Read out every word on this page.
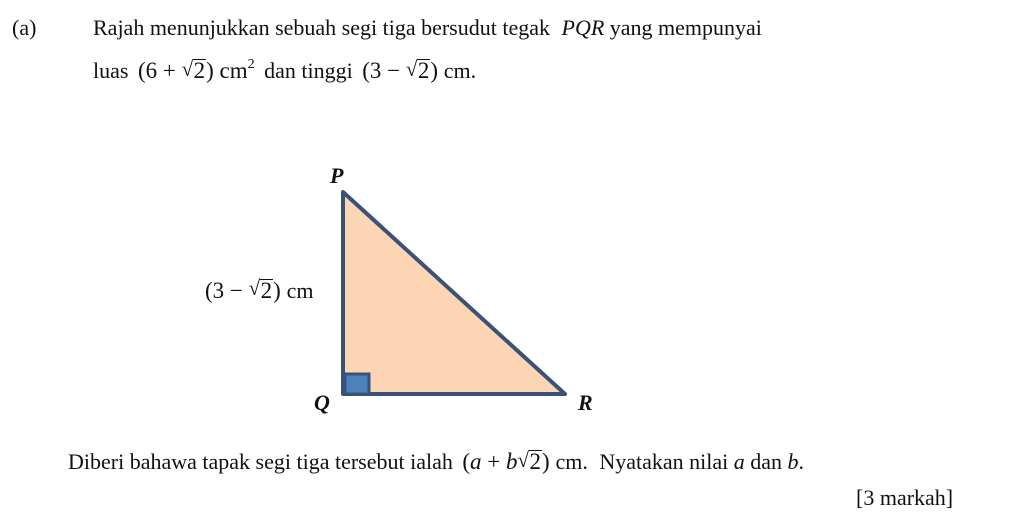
(a)	Rajah menunjukkan sebuah segi tiga bersudut tegak PQR yang mempunyai
luas (6 + √ 2) $cm^2$ dan tinggi (3 − √ 2) cm.
P
Q	R
(3 − √ 2) cm
Diberi bahawa tapak segi tiga tersebut ialah (a + b √ 2) cm. Nyatakan nilai a dan b.
[3 markah]
